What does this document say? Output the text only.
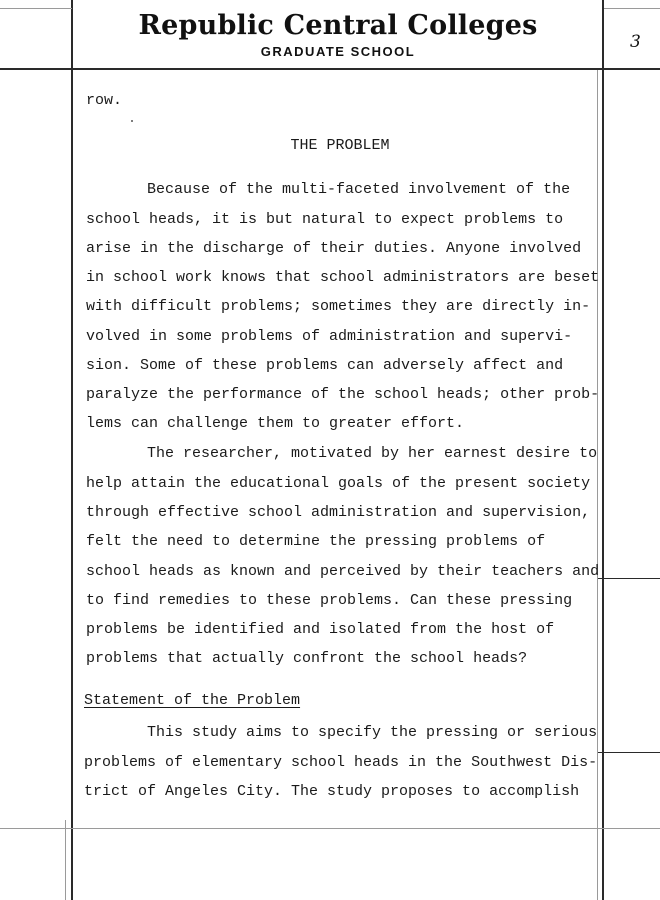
Republic Central Colleges
GRADUATE SCHOOL	3
row.
THE PROBLEM
Because of the multi-faceted involvement of the
school heads, it is but natural to expect problems to
arise in the discharge of their duties. Anyone involved
in school work knows that school administrators are beset
with difficult problems; sometimes they are directly in-
volved in some problems of administration and supervi-
sion. Some of these problems can adversely affect and
paralyze the performance of the school heads; other prob-
lems can challenge them to greater effort.
The researcher, motivated by her earnest desire to
help attain the educational goals of the present society
through effective school administration and supervision,
felt the need to determine the pressing problems of
school heads as known and perceived by their teachers and
to find remedies to these problems. Can these pressing
problems be identified and isolated from the host of
problems that actually confront the school heads?
Statement of the Problem
This study aims to specify the pressing or serious
problems of elementary school heads in the Southwest Dis-
trict of Angeles City. The study proposes to accomplish
